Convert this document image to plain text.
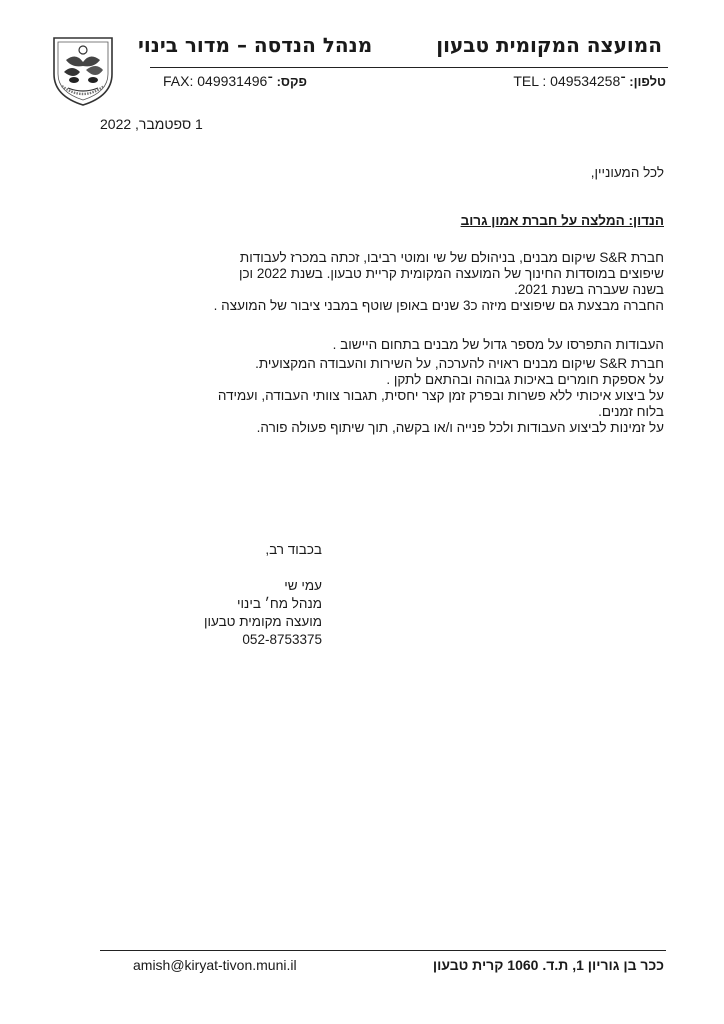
המועצה המקומית טבעון
מנהל הנדסה – מדור בינוי
טלפון: TEL : 04־9534258
FAX: 04־9931496 פקס:
1 ספטמבר, 2022
לכל המעוניין,
הנדון: המלצה על חברת אמון גרוב
חברת S&R שיקום מבנים, בניהולם של שי ומוטי רביבו, זכתה במכרז לעבודות
שיפוצים במוסדות החינוך של המועצה המקומית קריית טבעון. בשנת 2022 וכן
בשנה שעברה בשנת 2021.
החברה מבצעת גם שיפוצים מיזה כ3 שנים באופן שוטף במבני ציבור של המועצה .
העבודות התפרסו על מספר גדול של מבנים בתחום היישוב .
חברת S&R שיקום מבנים ראויה להערכה, על השירות והעבודה המקצועית.
על אספקת חומרים באיכות גבוהה ובהתאם לתקן .
על ביצוע איכותי ללא פשרות ובפרק זמן קצר יחסית, תגבור צוותי העבודה, ועמידה
בלוח זמנים.
על זמינות לביצוע העבודות ולכל פנייה ו/או בקשה, תוך שיתוף פעולה פורה.
בכבוד רב,
עמי שי
מנהל מח׳ בינוי
מועצה מקומית טבעון
052-8753375
ככר בן גוריון 1, ת.ד. 1060 קרית טבעון
amish@kiryat-tivon.muni.il
